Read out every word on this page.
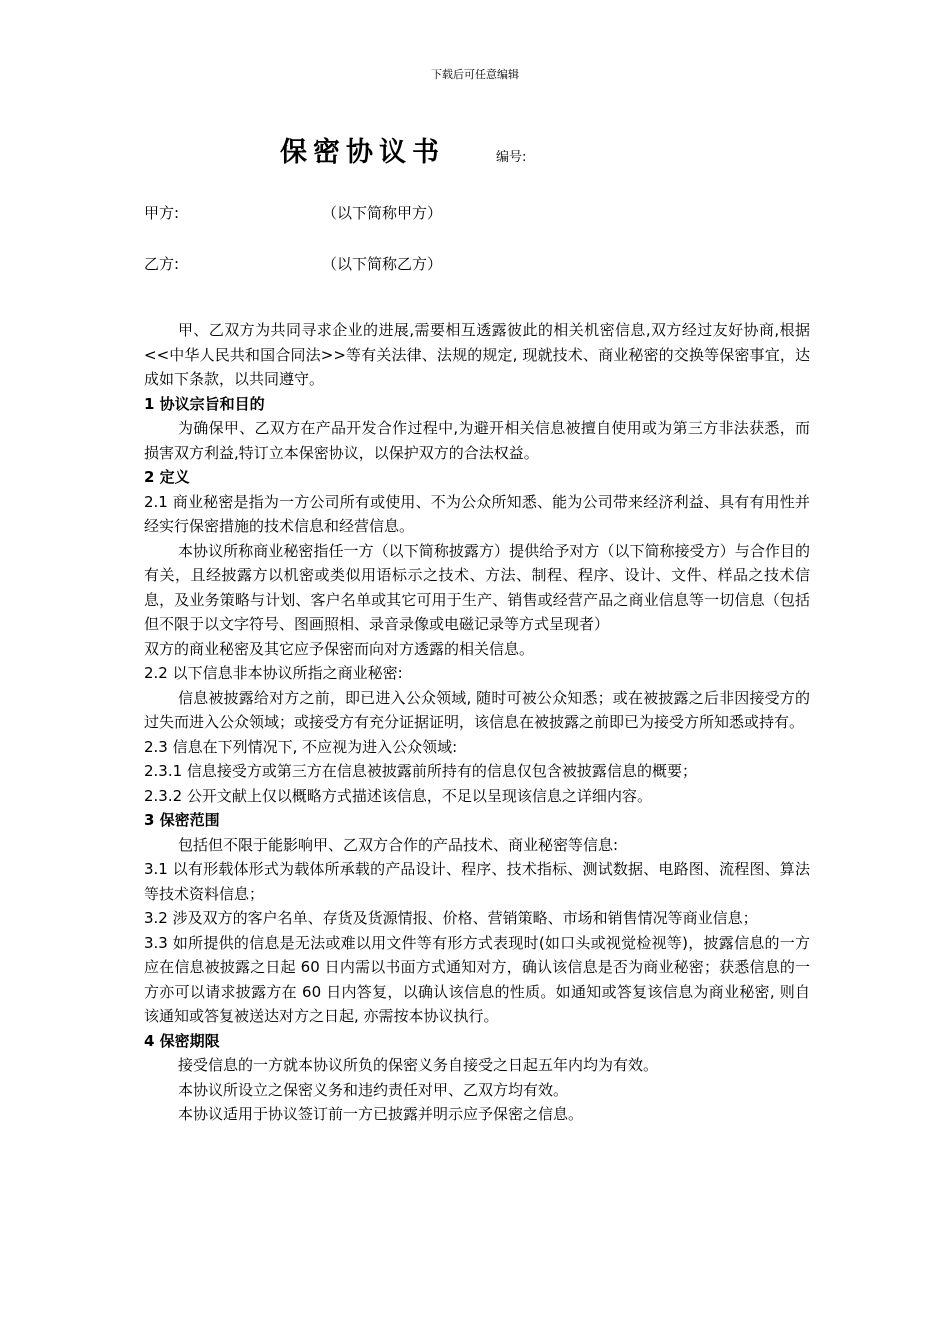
下载后可任意编辑
保密协议书	编号:
甲方:	（以下简称甲方）
乙方:	（以下简称乙方）

甲、乙双方为共同寻求企业的进展,需要相互透露彼此的相关机密信息,双方经过友好协商,根据<<中华人民共和国合同法>>等有关法律、法规的规定, 现就技术、商业秘密的交换等保密事宜，达成如下条款，以共同遵守。

1 协议宗旨和目的

为确保甲、乙双方在产品开发合作过程中,为避开相关信息被擅自使用或为第三方非法获悉，而损害双方利益,特订立本保密协议，以保护双方的合法权益。

2 定义

2.1 商业秘密是指为一方公司所有或使用、不为公众所知悉、能为公司带来经济利益、具有有用性并经实行保密措施的技术信息和经营信息。

本协议所称商业秘密指任一方（以下简称披露方）提供给予对方（以下简称接受方）与合作目的有关，且经披露方以机密或类似用语标示之技术、方法、制程、程序、设计、文件、样品之技术信息，及业务策略与计划、客户名单或其它可用于生产、销售或经营产品之商业信息等一切信息（包括但不限于以文字符号、图画照相、录音录像或电磁记录等方式呈现者）

双方的商业秘密及其它应予保密而向对方透露的相关信息。

2.2 以下信息非本协议所指之商业秘密:

信息被披露给对方之前，即已进入公众领域, 随时可被公众知悉；或在被披露之后非因接受方的过失而进入公众领域；或接受方有充分证据证明，该信息在被披露之前即已为接受方所知悉或持有。

2.3 信息在下列情况下, 不应视为进入公众领域:

2.3.1 信息接受方或第三方在信息被披露前所持有的信息仅包含被披露信息的概要；

2.3.2 公开文献上仅以概略方式描述该信息，不足以呈现该信息之详细内容。

3 保密范围

包括但不限于能影响甲、乙双方合作的产品技术、商业秘密等信息:

3.1 以有形载体形式为载体所承载的产品设计、程序、技术指标、测试数据、电路图、流程图、算法等技术资料信息；

3.2 涉及双方的客户名单、存货及货源情报、价格、营销策略、市场和销售情况等商业信息；

3.3 如所提供的信息是无法或难以用文件等有形方式表现时(如口头或视觉检视等)，披露信息的一方应在信息被披露之日起 60 日内需以书面方式通知对方，确认该信息是否为商业秘密；获悉信息的一方亦可以请求披露方在 60 日内答复，以确认该信息的性质。如通知或答复该信息为商业秘密, 则自该通知或答复被送达对方之日起, 亦需按本协议执行。

4 保密期限

接受信息的一方就本协议所负的保密义务自接受之日起五年内均为有效。

本协议所设立之保密义务和违约责任对甲、乙双方均有效。

本协议适用于协议签订前一方已披露并明示应予保密之信息。
